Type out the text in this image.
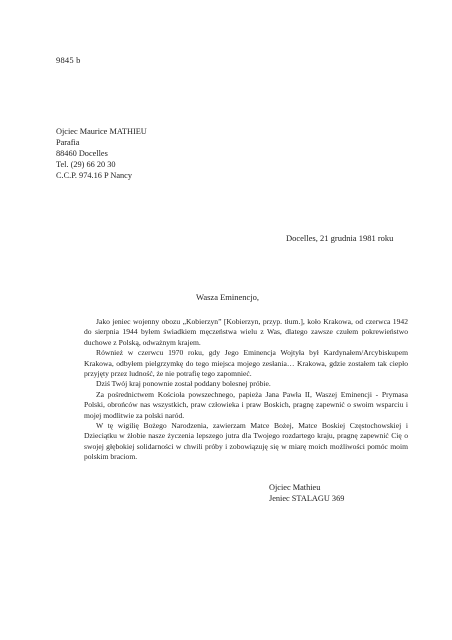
9845 b
Ojciec Maurice MATHIEU
Parafia
88460 Docelles
Tel. (29) 66 20 30
C.C.P. 974.16 P Nancy
Docelles, 21 grudnia 1981 roku
Wasza Eminencjo,

Jako jeniec wojenny obozu „Kobierzyn” [Kobierzyn, przyp. tłum.], koło Krakowa, od czerwca 1942 do sierpnia 1944 byłem świadkiem męczeństwa wielu z Was, dlatego zawsze czułem pokrewieństwo duchowe z Polską, odważnym krajem.

Również w czerwcu 1970 roku, gdy Jego Eminencja Wojtyła był Kardynałem/Arcybiskupem Krakowa, odbyłem pielgrzymkę do tego miejsca mojego zesłania… Krakowa, gdzie zostałem tak ciepło przyjęty przez ludność, że nie potrafię tego zapomnieć.

Dziś Twój kraj ponownie został poddany bolesnej próbie.

Za pośrednictwem Kościoła powszechnego, papieża Jana Pawła II, Waszej Eminencji - Prymasa Polski, obrońców nas wszystkich, praw człowieka i praw Boskich, pragnę zapewnić o swoim wsparciu i mojej modlitwie za polski naród.

W tę wigilię Bożego Narodzenia, zawierzam Matce Bożej, Matce Boskiej Częstochowskiej i Dzieciątku w żłobie nasze życzenia lepszego jutra dla Twojego rozdartego kraju, pragnę zapewnić Cię o swojej głębokiej solidarności w chwili próby i zobowiązuję się w miarę moich możliwości pomóc moim polskim braciom.

Ojciec Mathieu
Jeniec STALAGU 369
